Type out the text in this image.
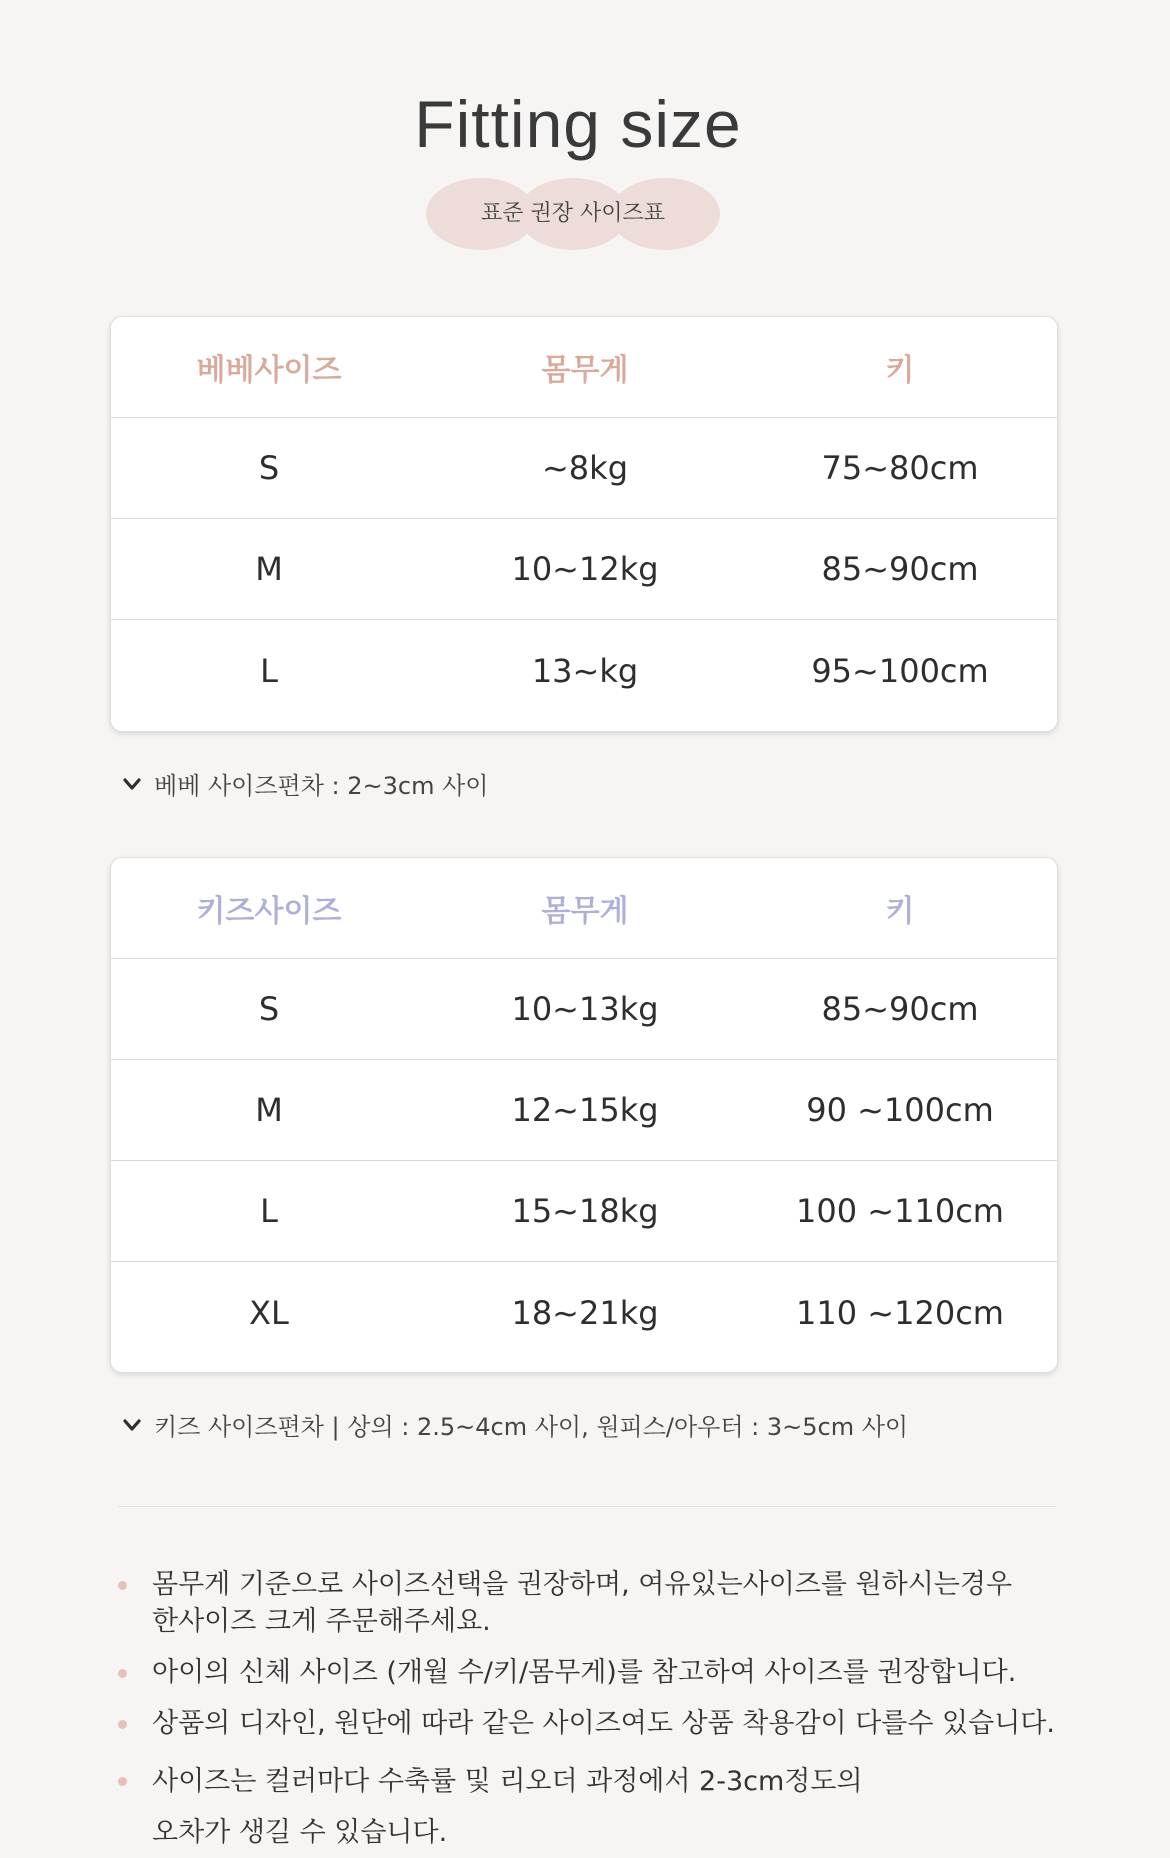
Fitting size
표준 권장 사이즈표
베베사이즈	몸무게	키
S	~8kg	75~80cm
M	10~12kg	85~90cm
L	13~kg	95~100cm
베베 사이즈편차 : 2~3cm 사이
키즈사이즈	몸무게	키
S	10~13kg	85~90cm
M	12~15kg	90 ~100cm
L	15~18kg	100 ~110cm
XL	18~21kg	110 ~120cm
키즈 사이즈편차 | 상의 : 2.5~4cm 사이, 원피스/아우터 : 3~5cm 사이
몸무게 기준으로 사이즈선택을 권장하며, 여유있는사이즈를 원하시는경우
한사이즈 크게 주문해주세요.
아이의 신체 사이즈 (개월 수/키/몸무게)를 참고하여 사이즈를 권장합니다.
상품의 디자인, 원단에 따라 같은 사이즈여도 상품 착용감이 다를수 있습니다.
사이즈는 컬러마다 수축률 및 리오더 과정에서 2-3cm정도의
오차가 생길 수 있습니다.
